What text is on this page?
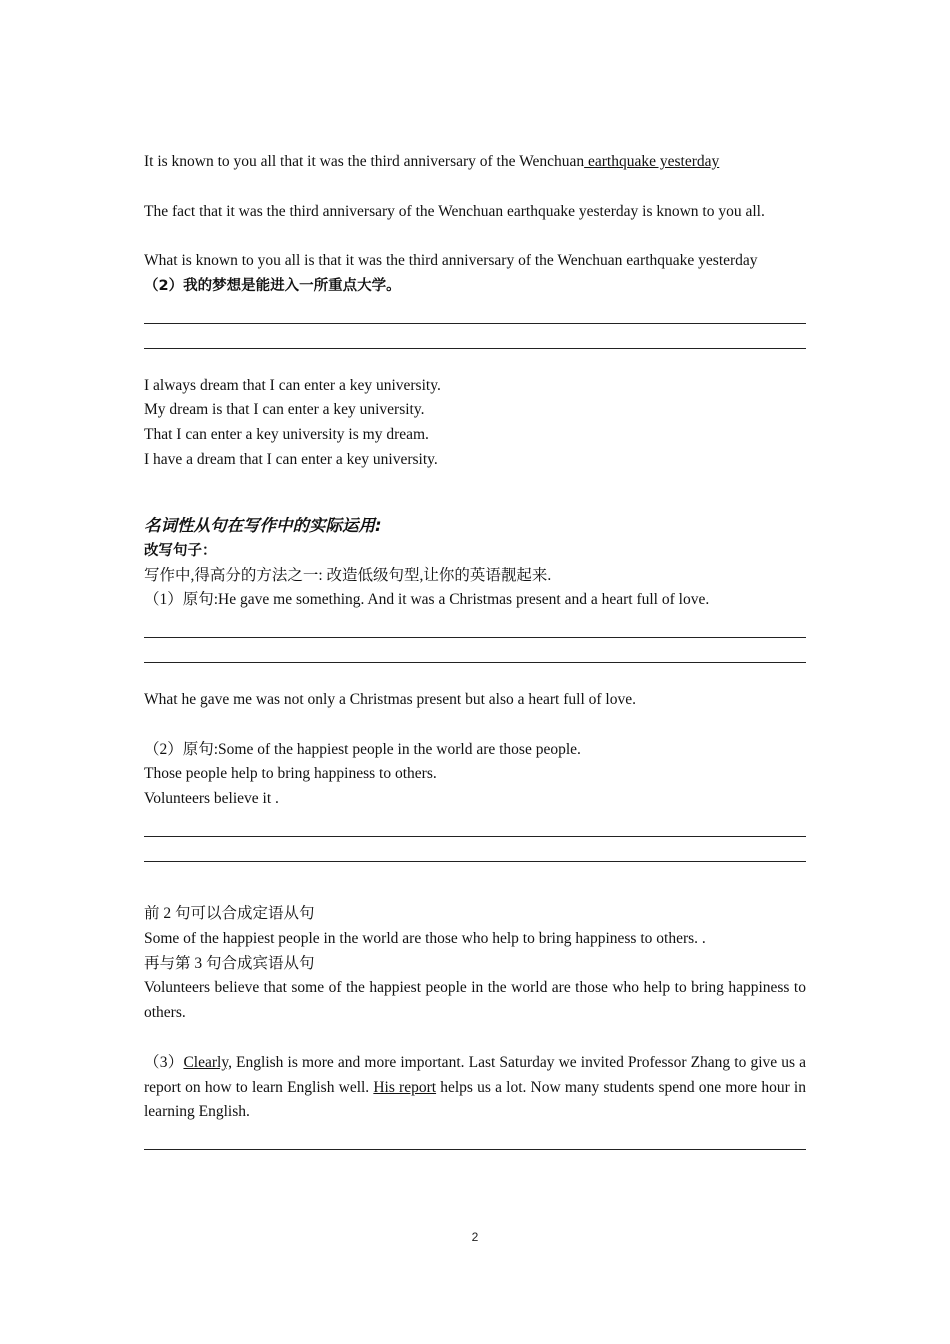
It is known to you all that it was the third anniversary of the Wenchuan earthquake yesterday

The fact that it was the third anniversary of the Wenchuan earthquake yesterday is known to you all.

What is known to you all is that it was the third anniversary of the Wenchuan earthquake yesterday

（2）我的梦想是能进入一所重点大学。

I always dream that I can enter a key university.

My dream is that I can enter a key university.

That I can enter a key university is my dream.

I have a dream that I can enter a key university.

名词性从句在写作中的实际运用:

改写句子：

写作中,得高分的方法之一: 改造低级句型,让你的英语靓起来.

（1）原句:He gave me something. And it was a Christmas present and a heart full of love.

What he gave me was not only a Christmas present but also a heart full of love.

（2）原句:Some of the happiest people in the world are those people.

Those people help to bring happiness to others.

Volunteers believe it .

前 2 句可以合成定语从句

Some of the happiest people in the world are those who help to bring happiness to others. .

再与第 3 句合成宾语从句

Volunteers believe that some of the happiest people in the world are those who help to bring happiness to others.

（3）Clearly, English is more and more important. Last Saturday we invited Professor Zhang to give us a report on how to learn English well. His report helps us a lot. Now many students spend one more hour in learning English.

2
